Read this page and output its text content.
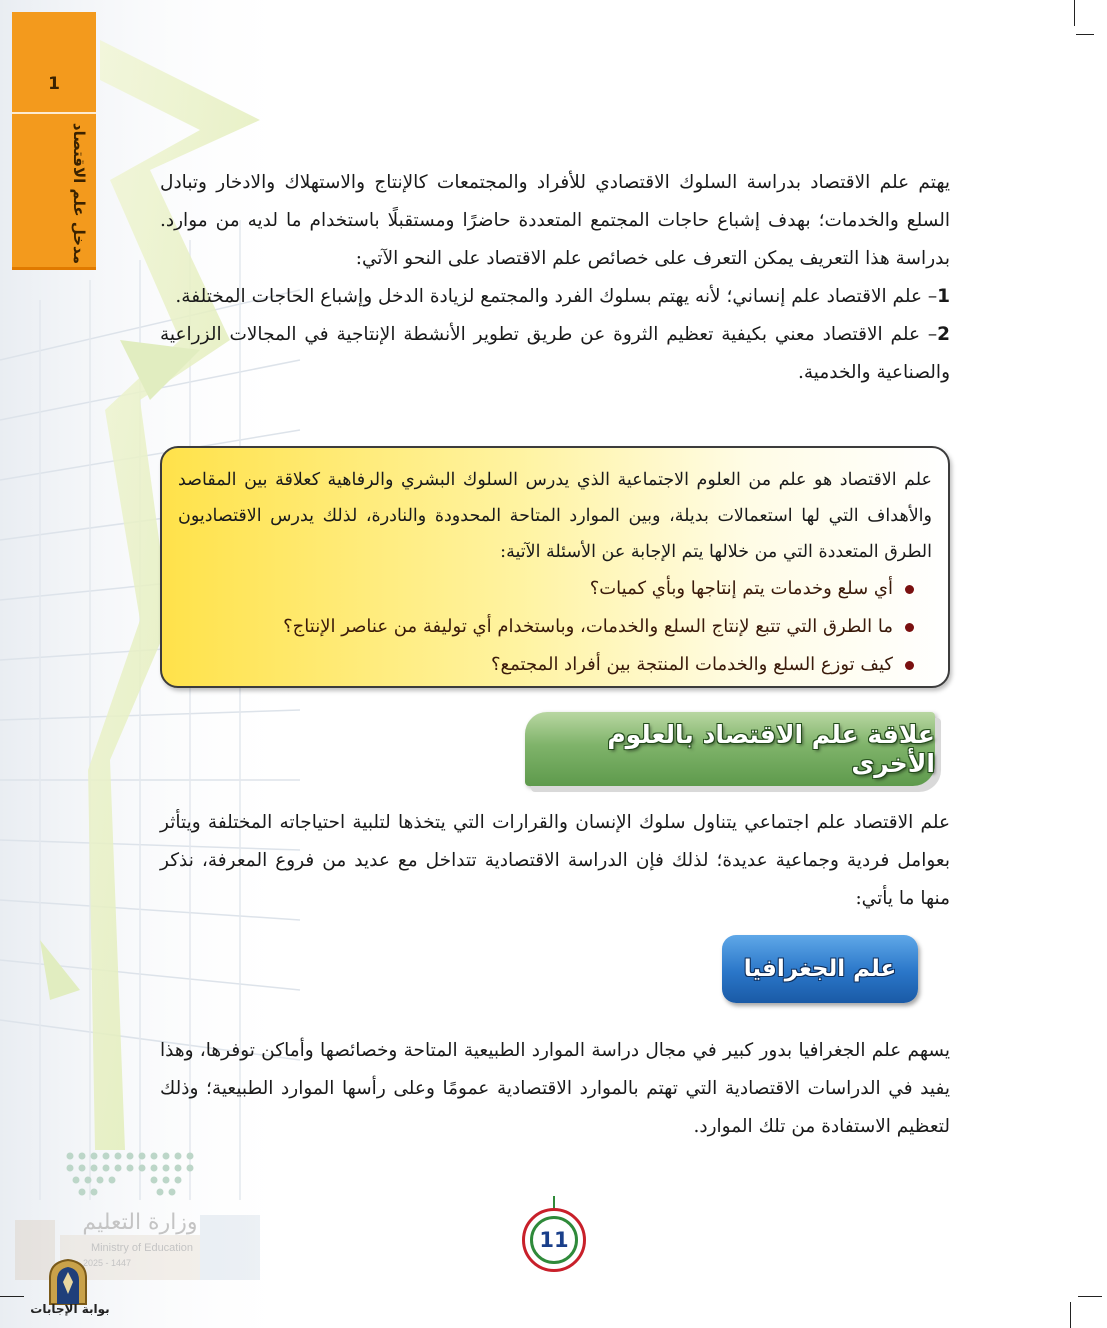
1
مدخل علم الاقتصاد	يهتم علم الاقتصاد بدراسة السلوك الاقتصادي للأفراد والمجتمعات كالإنتاج والاستهلاك والادخار وتبادل السلع والخدمات؛ بهدف إشباع حاجات المجتمع المتعددة حاضرًا ومستقبلًا باستخدام ما لديه من موارد. بدراسة هذا التعريف يمكن التعرف على خصائص علم الاقتصاد على النحو الآتي:

1– علم الاقتصاد علم إنساني؛ لأنه يهتم بسلوك الفرد والمجتمع لزيادة الدخل وإشباع الحاجات المختلفة.

2– علم الاقتصاد معني بكيفية تعظيم الثروة عن طريق تطوير الأنشطة الإنتاجية في المجالات الزراعية والصناعية والخدمية.

علم الاقتصاد هو علم من العلوم الاجتماعية الذي يدرس السلوك البشري والرفاهية كعلاقة بين المقاصد والأهداف التي لها استعمالات بديلة، وبين الموارد المتاحة المحدودة والنادرة، لذلك يدرس الاقتصاديون الطرق المتعددة التي من خلالها يتم الإجابة عن الأسئلة الآتية:

أي سلع وخدمات يتم إنتاجها وبأي كميات؟
ما الطرق التي تتبع لإنتاج السلع والخدمات، وباستخدام أي توليفة من عناصر الإنتاج؟
كيف توزع السلع والخدمات المنتجة بين أفراد المجتمع؟
علاقة علم الاقتصاد بالعلوم الأخرى

علم الاقتصاد علم اجتماعي يتناول سلوك الإنسان والقرارات التي يتخذها لتلبية احتياجاته المختلفة ويتأثر بعوامل فردية وجماعية عديدة؛ لذلك فإن الدراسة الاقتصادية تتداخل مع عديد من فروع المعرفة، نذكر منها ما يأتي:

علم الجغرافيا

يسهم علم الجغرافيا بدور كبير في مجال دراسة الموارد الطبيعية المتاحة وخصائصها وأماكن توفرها، وهذا يفيد في الدراسات الاقتصادية التي تهتم بالموارد الاقتصادية عمومًا وعلى رأسها الموارد الطبيعية؛ وذلك لتعظيم الاستفادة من تلك الموارد.

11
وزارة التعليم
Ministry of Education
2025 - 1447
بوابة الإجابات
